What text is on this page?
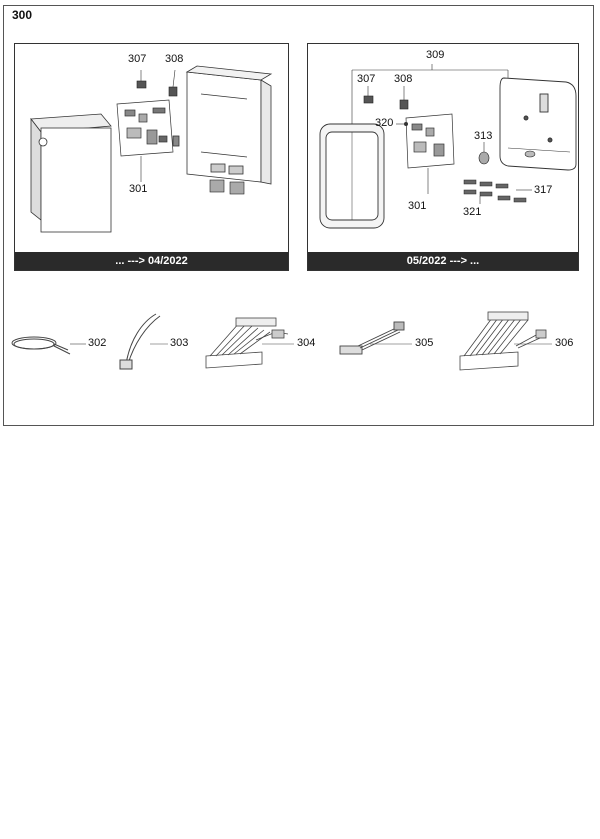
300
307 308
301
... ---> 04/2022
309
307 308
320
313
301
317
321
05/2022 ---> ...
302	303	304	305	306
